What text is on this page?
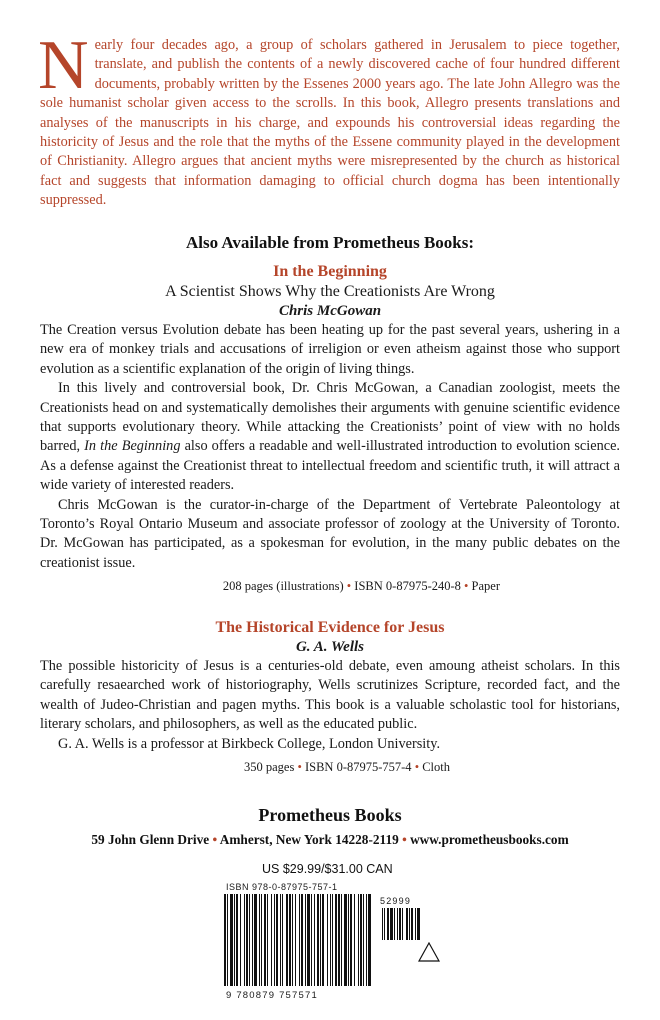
Nearly four decades ago, a group of scholars gathered in Jerusalem to piece together, translate, and publish the contents of a newly discovered cache of four hundred different documents, probably written by the Essenes 2000 years ago. The late John Allegro was the sole humanist scholar given access to the scrolls. In this book, Allegro presents translations and analyses of the manuscripts in his charge, and expounds his controversial ideas regarding the historicity of Jesus and the role that the myths of the Essene community played in the development of Christianity. Allegro argues that ancient myths were misrepresented by the church as historical fact and suggests that information damaging to official church dogma has been intentionally suppressed.
Also Available from Prometheus Books:
In the Beginning
A Scientist Shows Why the Creationists Are Wrong
Chris McGowan

The Creation versus Evolution debate has been heating up for the past several years, ushering in a new era of monkey trials and accusations of irreligion or even atheism against those who support evolution as a scientific explanation of the origin of living things.

In this lively and controversial book, Dr. Chris McGowan, a Canadian zoologist, meets the Creationists head on and systematically demolishes their arguments with genuine scientific evidence that supports evolutionary theory. While attacking the Creationists’ point of view with no holds barred, In the Beginning also offers a readable and well-illustrated introduction to evolution science. As a defense against the Creationist threat to intellectual freedom and scientific truth, it will attract a wide variety of interested readers.

Chris McGowan is the curator-in-charge of the Department of Vertebrate Paleontology at Toronto’s Royal Ontario Museum and associate professor of zoology at the University of Toronto. Dr. McGowan has participated, as a spokesman for evolution, in the many public debates on the creationist issue.

208 pages (illustrations) • ISBN 0-87975-240-8 • Paper
The Historical Evidence for Jesus
G. A. Wells

The possible historicity of Jesus is a centuries-old debate, even amoung atheist scholars. In this carefully resaearched work of historiography, Wells scrutinizes Scripture, recorded fact, and the wealth of Judeo-Christian and pagen myths. This book is a valuable scholastic tool for historians, literary scholars, and philosophers, as well as the educated public.

G. A. Wells is a professor at Birkbeck College, London University.

350 pages • ISBN 0-87975-757-4 • Cloth
Prometheus Books
59 John Glenn Drive • Amherst, New York 14228-2119 • www.prometheusbooks.com
US $29.99/$31.00 CAN
ISBN 978-0-87975-757-1
52999
9 780879 757571
